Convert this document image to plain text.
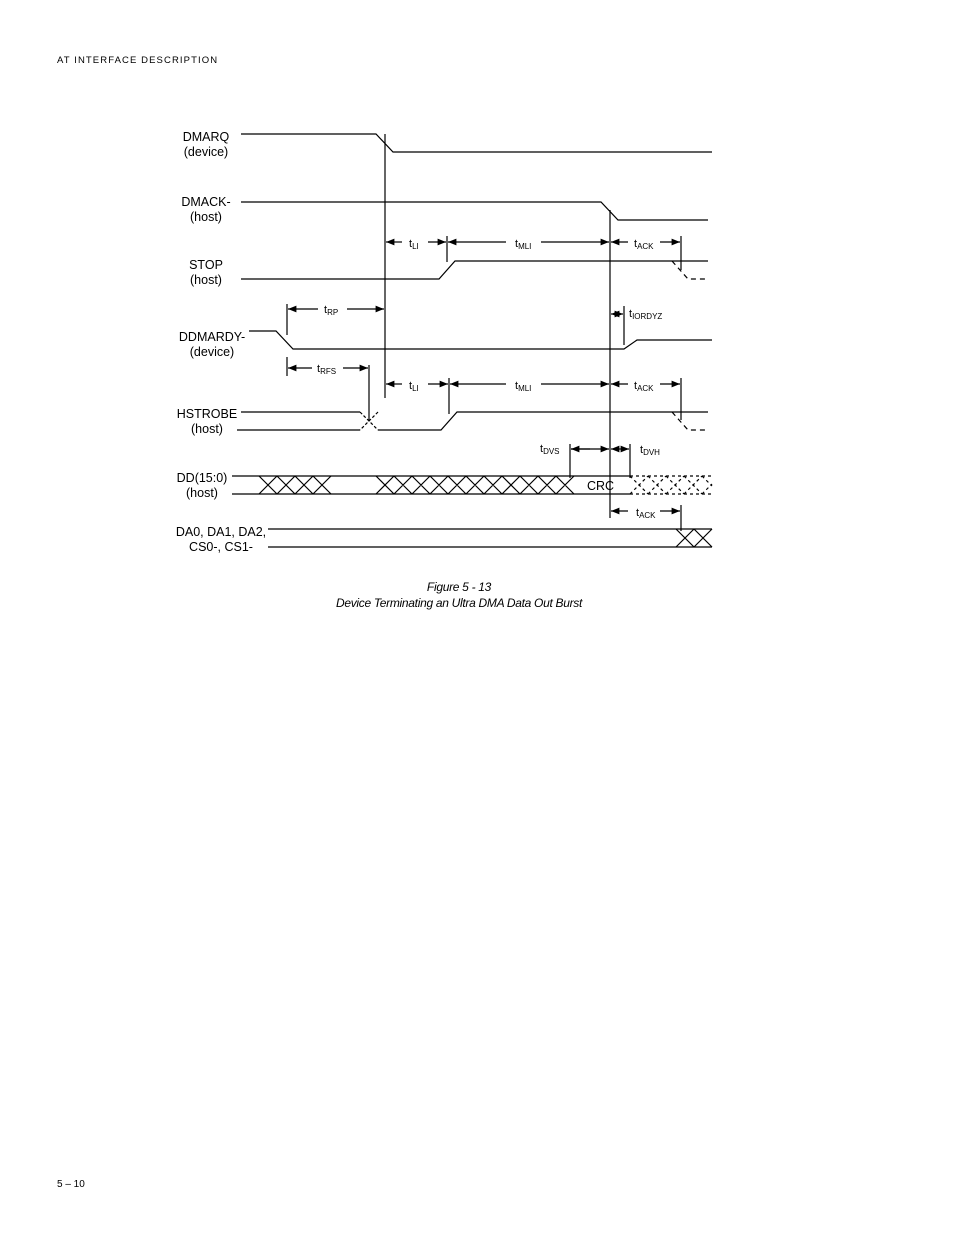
AT INTERFACE DESCRIPTION
DMARQ
(device)
DMACK-
(host)
STOP
(host)
DDMARDY-
(device)
HSTROBE
(host)
DD(15:0)
(host)
DA0, DA1, DA2,
CS0-, CS1-
CRC
tLI	tMLI	tACK
tRP	tIORDYZ
tRFS
tLI	tMLI	tACK
tDVS	tDVH
tACK
Figure 5 - 13
Device Terminating an Ultra DMA Data Out Burst
5 – 10
